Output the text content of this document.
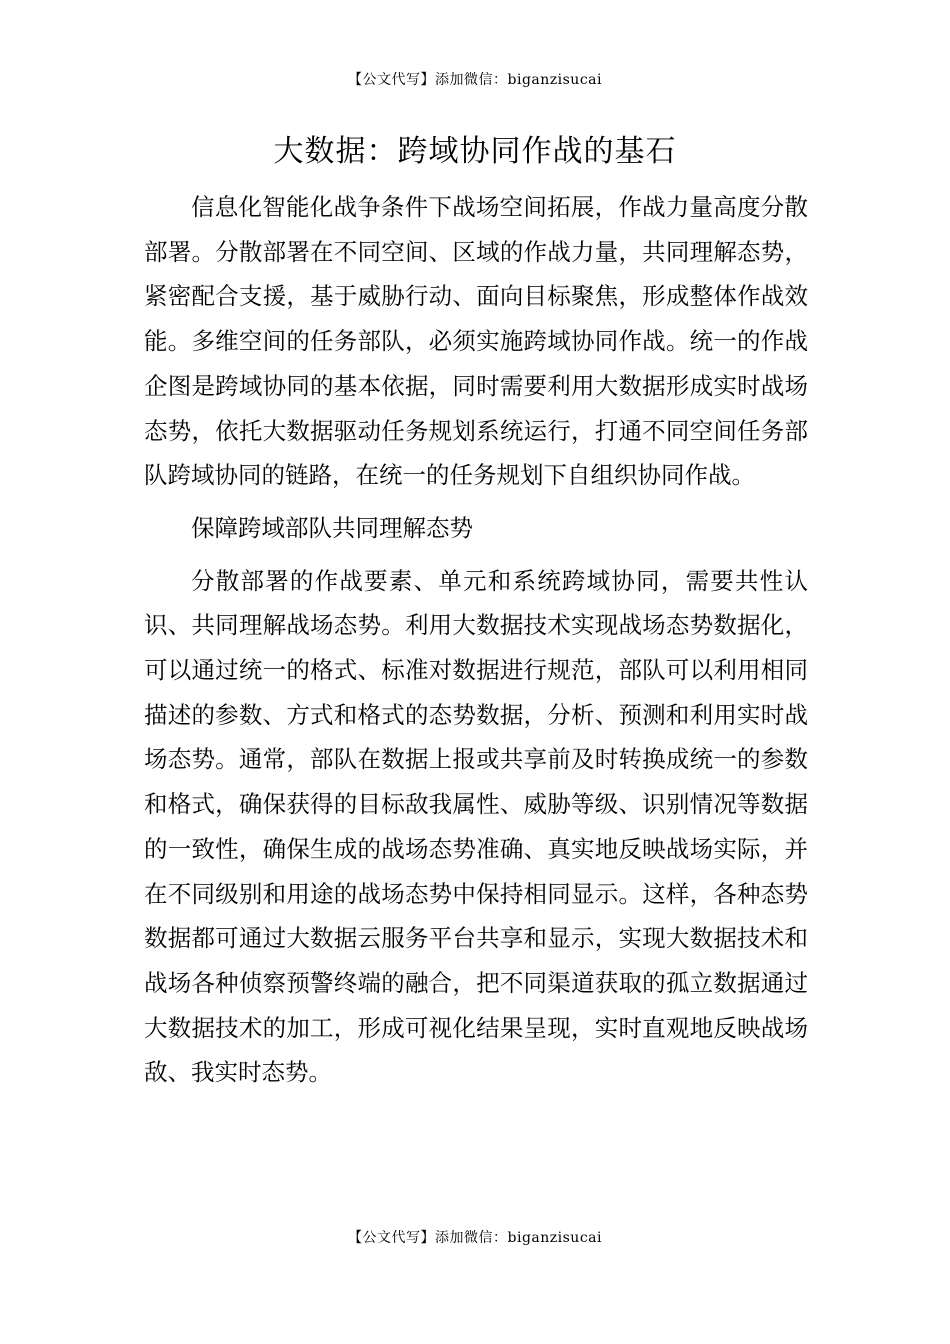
【公文代写】添加微信：biganzisucai
大数据：跨域协同作战的基石

信息化智能化战争条件下战场空间拓展，作战力量高度分散部署。分散部署在不同空间、区域的作战力量，共同理解态势，紧密配合支援，基于威胁行动、面向目标聚焦，形成整体作战效能。多维空间的任务部队，必须实施跨域协同作战。统一的作战企图是跨域协同的基本依据，同时需要利用大数据形成实时战场态势，依托大数据驱动任务规划系统运行，打通不同空间任务部队跨域协同的链路，在统一的任务规划下自组织协同作战。

保障跨域部队共同理解态势

分散部署的作战要素、单元和系统跨域协同，需要共性认识、共同理解战场态势。利用大数据技术实现战场态势数据化，可以通过统一的格式、标准对数据进行规范，部队可以利用相同描述的参数、方式和格式的态势数据，分析、预测和利用实时战场态势。通常，部队在数据上报或共享前及时转换成统一的参数和格式，确保获得的目标敌我属性、威胁等级、识别情况等数据的一致性，确保生成的战场态势准确、真实地反映战场实际，并在不同级别和用途的战场态势中保持相同显示。这样，各种态势数据都可通过大数据云服务平台共享和显示，实现大数据技术和战场各种侦察预警终端的融合，把不同渠道获取的孤立数据通过大数据技术的加工，形成可视化结果呈现，实时直观地反映战场敌、我实时态势。

【公文代写】添加微信：biganzisucai
